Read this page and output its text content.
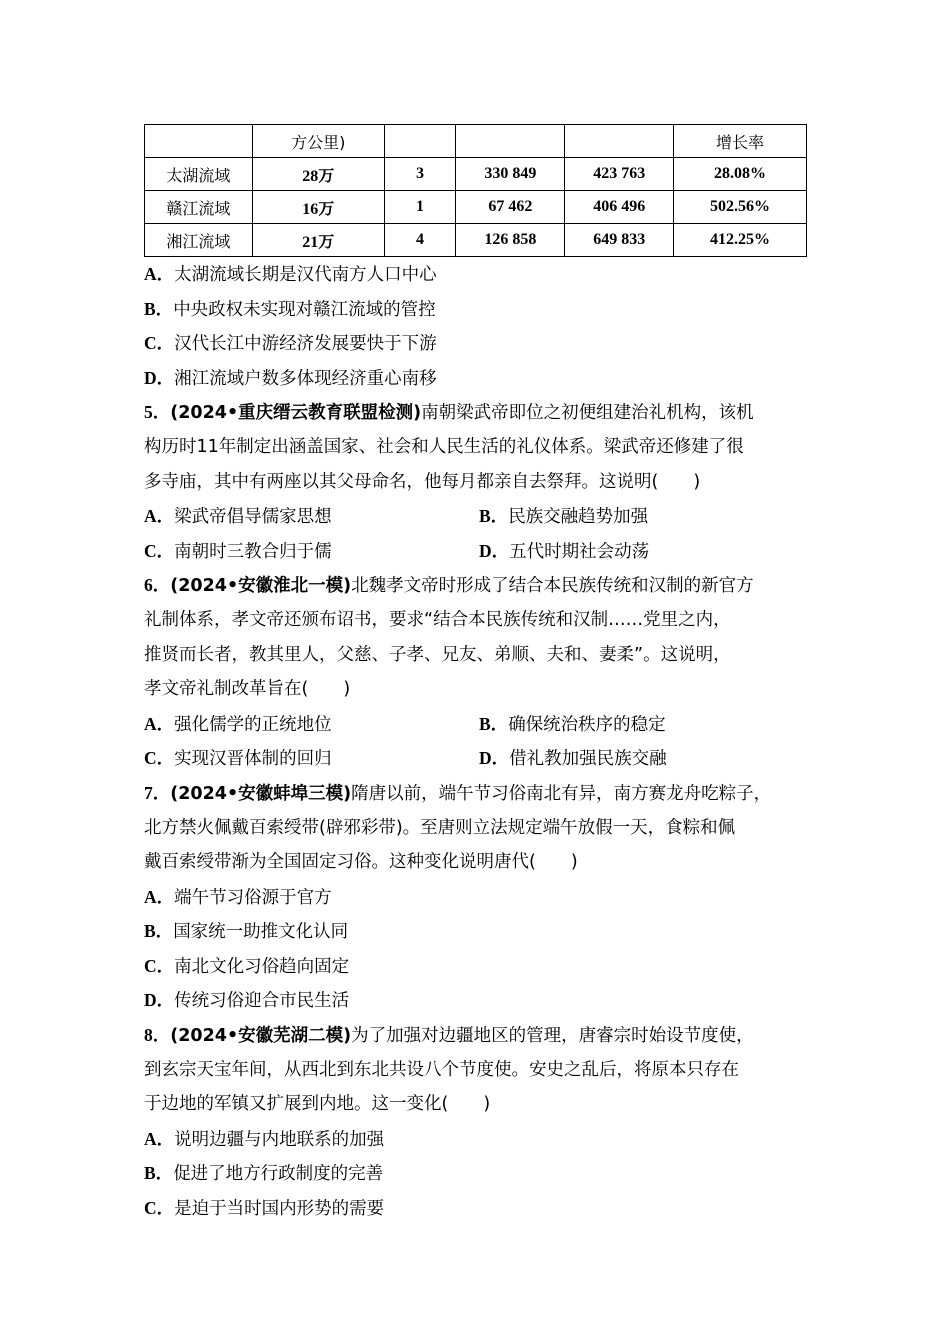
	方公里)				增长率
太湖流域	28万	3	330 849	423 763	28.08%
赣江流域	16万	1	67 462	406 496	502.56%
湘江流域	21万	4	126 858	649 833	412.25%
A．太湖流域长期是汉代南方人口中心
B．中央政权未实现对赣江流域的管控
C．汉代长江中游经济发展要快于下游
D．湘江流域户数多体现经济重心南移
5．(2024•重庆缙云教育联盟检测)南朝梁武帝即位之初便组建治礼机构，该机
构历时11年制定出涵盖国家、社会和人民生活的礼仪体系。梁武帝还修建了很
多寺庙，其中有两座以其父母命名，他每月都亲自去祭拜。这说明(　　)
A．梁武帝倡导儒家思想	B．民族交融趋势加强
C．南朝时三教合归于儒	D．五代时期社会动荡
6．(2024•安徽淮北一模)北魏孝文帝时形成了结合本民族传统和汉制的新官方
礼制体系，孝文帝还颁布诏书，要求“结合本民族传统和汉制……党里之内，
推贤而长者，教其里人，父慈、子孝、兄友、弟顺、夫和、妻柔”。这说明，
孝文帝礼制改革旨在(　　)
A．强化儒学的正统地位	B．确保统治秩序的稳定
C．实现汉晋体制的回归	D．借礼教加强民族交融
7．(2024•安徽蚌埠三模)隋唐以前，端午节习俗南北有异，南方赛龙舟吃粽子，
北方禁火佩戴百索绶带(辟邪彩带)。至唐则立法规定端午放假一天，食粽和佩
戴百索绶带渐为全国固定习俗。这种变化说明唐代(　　)
A．端午节习俗源于官方
B．国家统一助推文化认同
C．南北文化习俗趋向固定
D．传统习俗迎合市民生活
8．(2024•安徽芜湖二模)为了加强对边疆地区的管理，唐睿宗时始设节度使，
到玄宗天宝年间，从西北到东北共设八个节度使。安史之乱后，将原本只存在
于边地的军镇又扩展到内地。这一变化(　　)
A．说明边疆与内地联系的加强
B．促进了地方行政制度的完善
C．是迫于当时国内形势的需要
